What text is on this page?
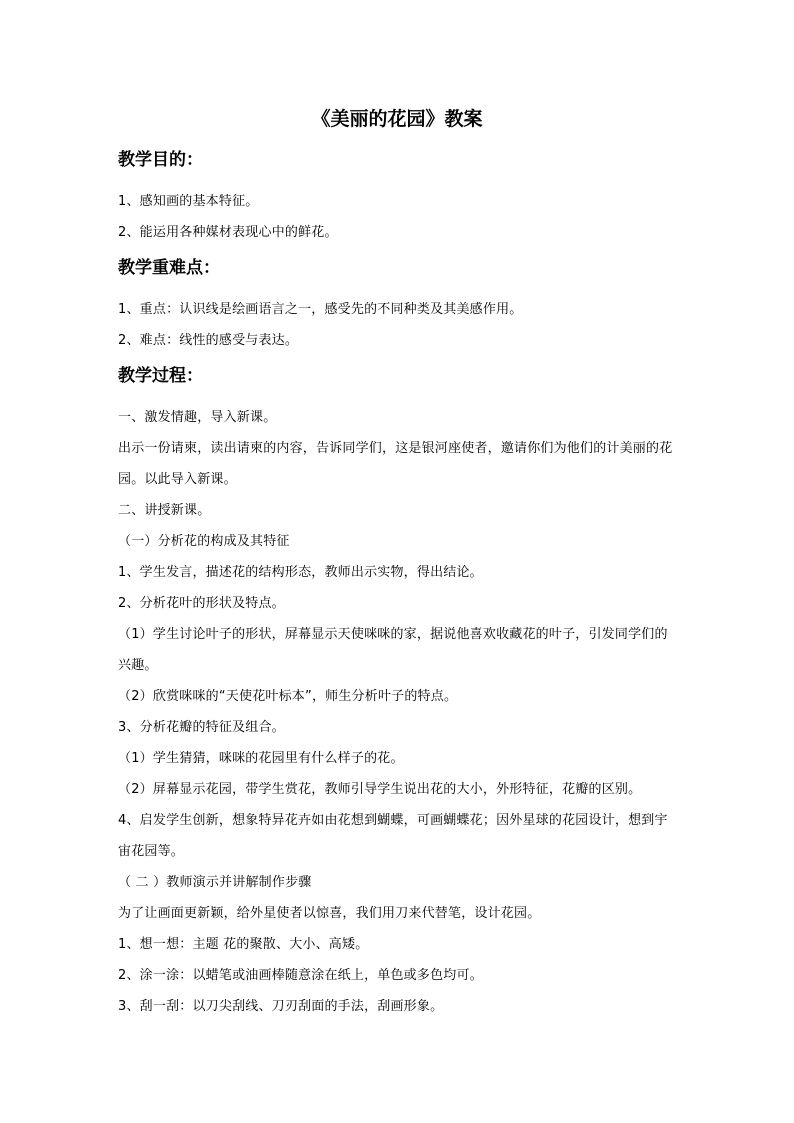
《美丽的花园》教案
教学目的：

1、感知画的基本特征。

2、能运用各种媒材表现心中的鲜花。

教学重难点：

1、重点：认识线是绘画语言之一，感受先的不同种类及其美感作用。

2、难点：线性的感受与表达。

教学过程：

一、激发情趣，导入新课。

出示一份请柬，读出请柬的内容，告诉同学们，这是银河座使者，邀请你们为他们的计美丽的花园。以此导入新课。

二、讲授新课。

（一）分析花的构成及其特征

1、学生发言，描述花的结构形态，教师出示实物，得出结论。

2、分析花叶的形状及特点。

（1）学生讨论叶子的形状，屏幕显示天使咪咪的家，据说他喜欢收藏花的叶子，引发同学们的兴趣。

（2）欣赏咪咪的“天使花叶标本”，师生分析叶子的特点。

3、分析花瓣的特征及组合。

（1）学生猜猜，咪咪的花园里有什么样子的花。

（2）屏幕显示花园，带学生赏花，教师引导学生说出花的大小，外形特征，花瓣的区别。

4、启发学生创新，想象特异花卉如由花想到蝴蝶，可画蝴蝶花；因外星球的花园设计，想到宇宙花园等。

（ 二 ）教师演示并讲解制作步骤

为了让画面更新颖，给外星使者以惊喜，我们用刀来代替笔，设计花园。

1、想一想：主题 花的聚散、大小、高矮。

2、涂一涂：以蜡笔或油画棒随意涂在纸上，单色或多色均可。

3、刮一刮：以刀尖刮线、刀刃刮面的手法，刮画形象。
